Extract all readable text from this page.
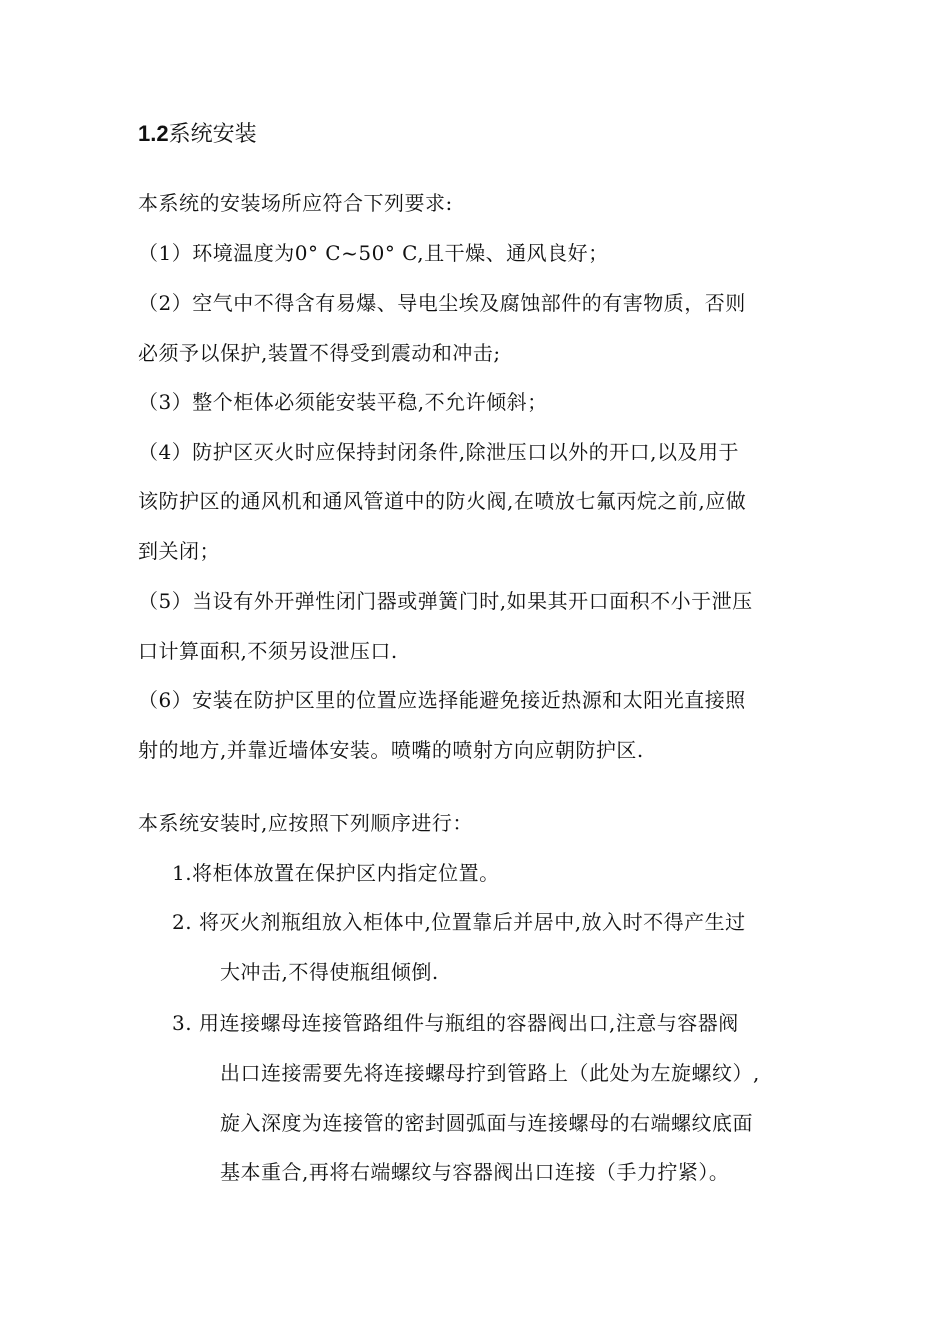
1.2系统安装
本系统的安装场所应符合下列要求:
（1）环境温度为0° C~50° C,且干燥、通风良好；
（2）空气中不得含有易爆、导电尘埃及腐蚀部件的有害物质，否则
必须予以保护,装置不得受到震动和冲击;
（3）整个柜体必须能安装平稳,不允许倾斜；
（4）防护区灭火时应保持封闭条件,除泄压口以外的开口,以及用于
该防护区的通风机和通风管道中的防火阀,在喷放七氟丙烷之前,应做
到关闭；
（5）当设有外开弹性闭门器或弹簧门时,如果其开口面积不小于泄压
口计算面积,不须另设泄压口.
（6）安装在防护区里的位置应选择能避免接近热源和太阳光直接照
射的地方,并靠近墙体安装。喷嘴的喷射方向应朝防护区.
本系统安装时,应按照下列顺序进行：
1.将柜体放置在保护区内指定位置。
2. 将灭火剂瓶组放入柜体中,位置靠后并居中,放入时不得产生过
大冲击,不得使瓶组倾倒.
3. 用连接螺母连接管路组件与瓶组的容器阀出口,注意与容器阀
出口连接需要先将连接螺母拧到管路上（此处为左旋螺纹）,
旋入深度为连接管的密封圆弧面与连接螺母的右端螺纹底面
基本重合,再将右端螺纹与容器阀出口连接（手力拧紧）。
